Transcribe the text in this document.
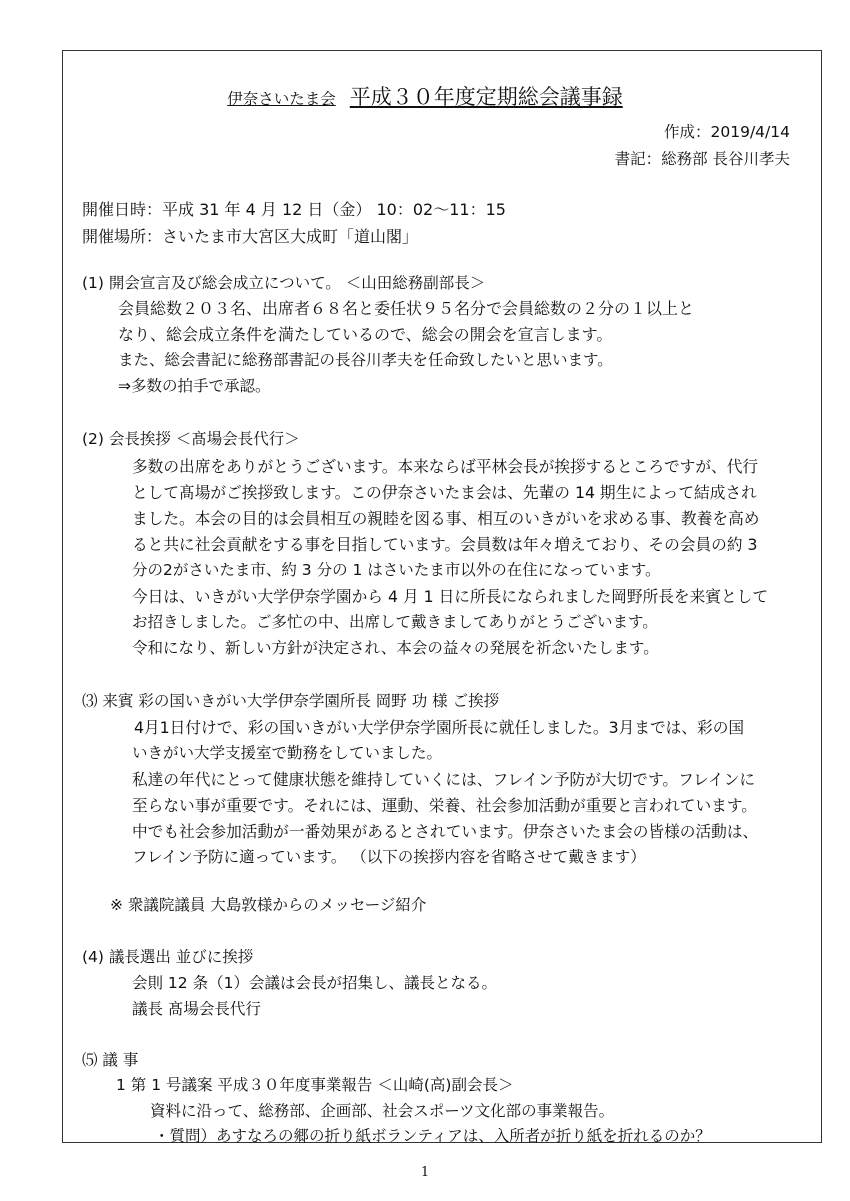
伊奈さいたま会 平成３０年度定期総会議事録
作成：2019/4/14
書記：総務部 長谷川孝夫
開催日時：平成 31 年 4 月 12 日（金） 10：02～11：15
開催場所：さいたま市大宮区大成町「道山閣」
(1) 開会宣言及び総会成立について。 ＜山田総務副部長＞
会員総数２０３名、出席者６８名と委任状９５名分で会員総数の２分の１以上と
なり、総会成立条件を満たしているので、総会の開会を宣言します。
また、総会書記に総務部書記の長谷川孝夫を任命致したいと思います。
⇒多数の拍手で承認。
(2) 会長挨拶 ＜髙場会長代行＞
多数の出席をありがとうございます。本来ならば平林会長が挨拶するところですが、代行
として髙場がご挨拶致します。この伊奈さいたま会は、先輩の 14 期生によって結成され
ました。本会の目的は会員相互の親睦を図る事、相互のいきがいを求める事、教養を高め
ると共に社会貢献をする事を目指しています。会員数は年々増えており、その会員の約 3
分の2がさいたま市、約 3 分の 1 はさいたま市以外の在住になっています。
今日は、いきがい大学伊奈学園から 4 月 1 日に所長になられました岡野所長を来賓として
お招きしました。ご多忙の中、出席して戴きましてありがとうございます。
令和になり、新しい方針が決定され、本会の益々の発展を祈念いたします。
⑶ 来賓 彩の国いきがい大学伊奈学園所長 岡野 功 様 ご挨拶
4月1日付けで、彩の国いきがい大学伊奈学園所長に就任しました。3月までは、彩の国
いきがい大学支援室で勤務をしていました。
私達の年代にとって健康状態を維持していくには、フレイン予防が大切です。フレインに
至らない事が重要です。それには、運動、栄養、社会参加活動が重要と言われています。
中でも社会参加活動が一番効果があるとされています。伊奈さいたま会の皆様の活動は、
フレイン予防に適っています。 （以下の挨拶内容を省略させて戴きます）
※ 衆議院議員 大島敦様からのメッセージ紹介
(4) 議長選出 並びに挨拶
会則 12 条（1）会議は会長が招集し、議長となる。
議長 髙場会長代行
⑸ 議 事
1 第 1 号議案 平成３０年度事業報告 ＜山崎(高)副会長＞
資料に沿って、総務部、企画部、社会スポーツ文化部の事業報告。
・質問）あすなろの郷の折り紙ボランティアは、入所者が折り紙を折れるのか？
1
